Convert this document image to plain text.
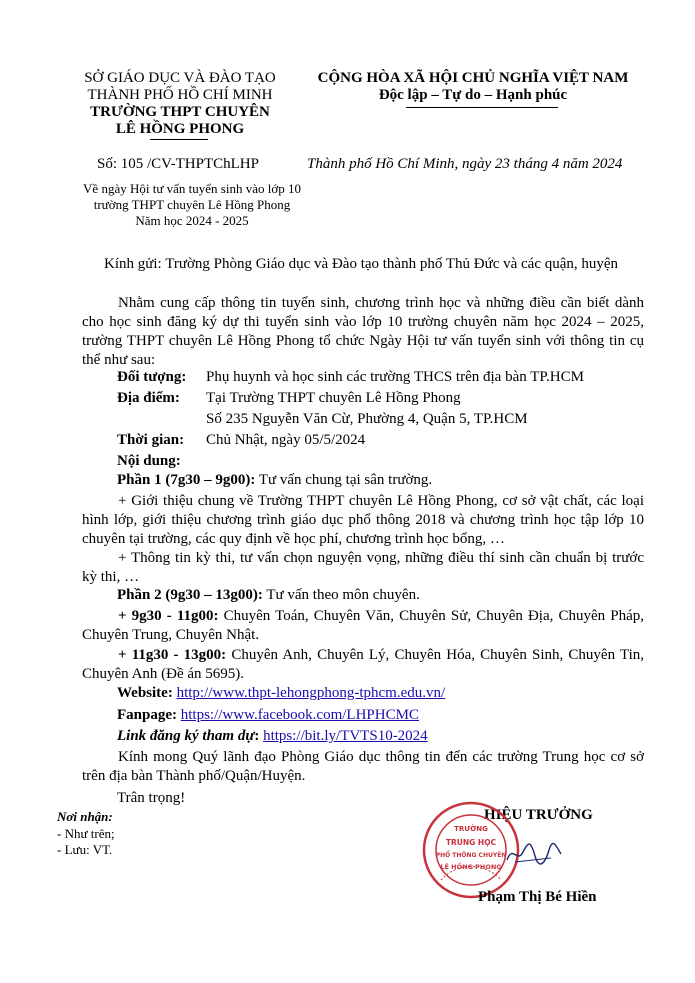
SỞ GIÁO DỤC VÀ ĐÀO TẠO
THÀNH PHỐ HỒ CHÍ MINH
TRƯỜNG THPT CHUYÊN
LÊ HỒNG PHONG
CỘNG HÒA XÃ HỘI CHỦ NGHĨA VIỆT NAM
Độc lập – Tự do – Hạnh phúc
Số: 105 /CV-THPTChLHP	Thành phố Hồ Chí Minh, ngày 23 tháng 4 năm 2024
Về ngày Hội tư vấn tuyển sinh vào lớp 10
trường THPT chuyên Lê Hồng Phong
Năm học 2024 - 2025
Kính gửi: Trường Phòng Giáo dục và Đào tạo thành phố Thủ Đức và các quận, huyện
Nhằm cung cấp thông tin tuyển sinh, chương trình học và những điều cần biết dành cho học sinh đăng ký dự thi tuyển sinh vào lớp 10 trường chuyên năm học 2024 – 2025, trường THPT chuyên Lê Hồng Phong tổ chức Ngày Hội tư vấn tuyển sinh với thông tin cụ thể như sau:
Đối tượng: Phụ huynh và học sinh các trường THCS trên địa bàn TP.HCM
Địa điểm: Tại Trường THPT chuyên Lê Hồng Phong
Số 235 Nguyễn Văn Cừ, Phường 4, Quận 5, TP.HCM
Thời gian: Chủ Nhật, ngày 05/5/2024
Nội dung:
Phần 1 (7g30 – 9g00): Tư vấn chung tại sân trường.
+ Giới thiệu chung về Trường THPT chuyên Lê Hồng Phong, cơ sở vật chất, các loại hình lớp, giới thiệu chương trình giáo dục phổ thông 2018 và chương trình học tập lớp 10 chuyên tại trường, các quy định về học phí, chương trình học bổng, …
+ Thông tin kỳ thi, tư vấn chọn nguyện vọng, những điều thí sinh cần chuẩn bị trước kỳ thi, …
Phần 2 (9g30 – 13g00): Tư vấn theo môn chuyên.
+ 9g30 - 11g00: Chuyên Toán, Chuyên Văn, Chuyên Sử, Chuyên Địa, Chuyên Pháp, Chuyên Trung, Chuyên Nhật.
+ 11g30 - 13g00: Chuyên Anh, Chuyên Lý, Chuyên Hóa, Chuyên Sinh, Chuyên Tin, Chuyên Anh (Đề án 5695).
Website: http://www.thpt-lehongphong-tphcm.edu.vn/
Fanpage: https://www.facebook.com/LHPHCMC
Link đăng ký tham dự: https://bit.ly/TVTS10-2024
Kính mong Quý lãnh đạo Phòng Giáo dục thông tin đến các trường Trung học cơ sở trên địa bàn Thành phố/Quận/Huyện.
Trân trọng!
Nơi nhận:
- Như trên;
- Lưu: VT.
HIỆU TRƯỞNG
TRƯỜNG
TRUNG HỌC
PHỔ THÔNG CHUYÊN
LÊ HỒNG PHONG
Phạm Thị Bé Hiền
